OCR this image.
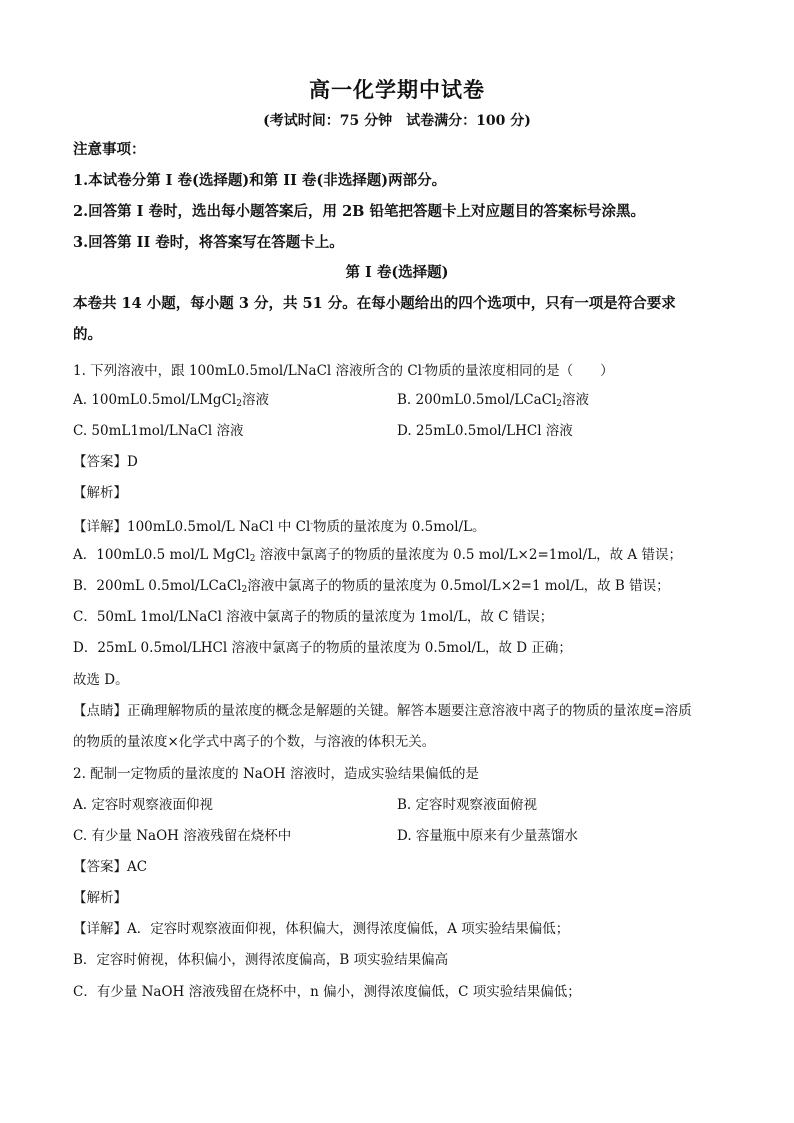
高一化学期中试卷
(考试时间：75 分钟　试卷满分：100 分)
注意事项：
1.本试卷分第 I 卷(选择题)和第 II 卷(非选择题)两部分。
2.回答第 I 卷时，选出每小题答案后，用 2B 铅笔把答题卡上对应题目的答案标号涂黑。
3.回答第 II 卷时，将答案写在答题卡上。
第 I 卷(选择题)
本卷共 14 小题，每小题 3 分，共 51 分。在每小题给出的四个选项中，只有一项是符合要求
的。
1. 下列溶液中，跟 100mL0.5mol/LNaCl 溶液所含的 Cl-物质的量浓度相同的是（　　）
A. 100mL0.5mol/LMgCl$_2$溶液	B. 200mL0.5mol/LCaCl$_2$溶液
C. 50mL1mol/LNaCl 溶液	D. 25mL0.5mol/LHCl 溶液
【答案】D
【解析】
【详解】100mL0.5mol/L NaCl 中 Cl-物质的量浓度为 0.5mol/L。
A．100mL0.5 mol/L MgCl$_2$ 溶液中氯离子的物质的量浓度为 0.5 mol/L×2=1mol/L，故 A 错误；
B．200mL 0.5mol/LCaCl$_2$溶液中氯离子的物质的量浓度为 0.5mol/L×2=1 mol/L，故 B 错误；
C．50mL 1mol/LNaCl 溶液中氯离子的物质的量浓度为 1mol/L，故 C 错误；
D．25mL 0.5mol/LHCl 溶液中氯离子的物质的量浓度为 0.5mol/L，故 D 正确；
故选 D。
【点睛】正确理解物质的量浓度的概念是解题的关键。解答本题要注意溶液中离子的物质的量浓度=溶质
的物质的量浓度×化学式中离子的个数，与溶液的体积无关。
2. 配制一定物质的量浓度的 NaOH 溶液时，造成实验结果偏低的是
A. 定容时观察液面仰视	B. 定容时观察液面俯视
C. 有少量 NaOH 溶液残留在烧杯中	D. 容量瓶中原来有少量蒸馏水
【答案】AC
【解析】
【详解】A．定容时观察液面仰视，体积偏大，测得浓度偏低，A 项实验结果偏低；
B．定容时俯视，体积偏小，测得浓度偏高，B 项实验结果偏高
C．有少量 NaOH 溶液残留在烧杯中，n 偏小，测得浓度偏低，C 项实验结果偏低；
